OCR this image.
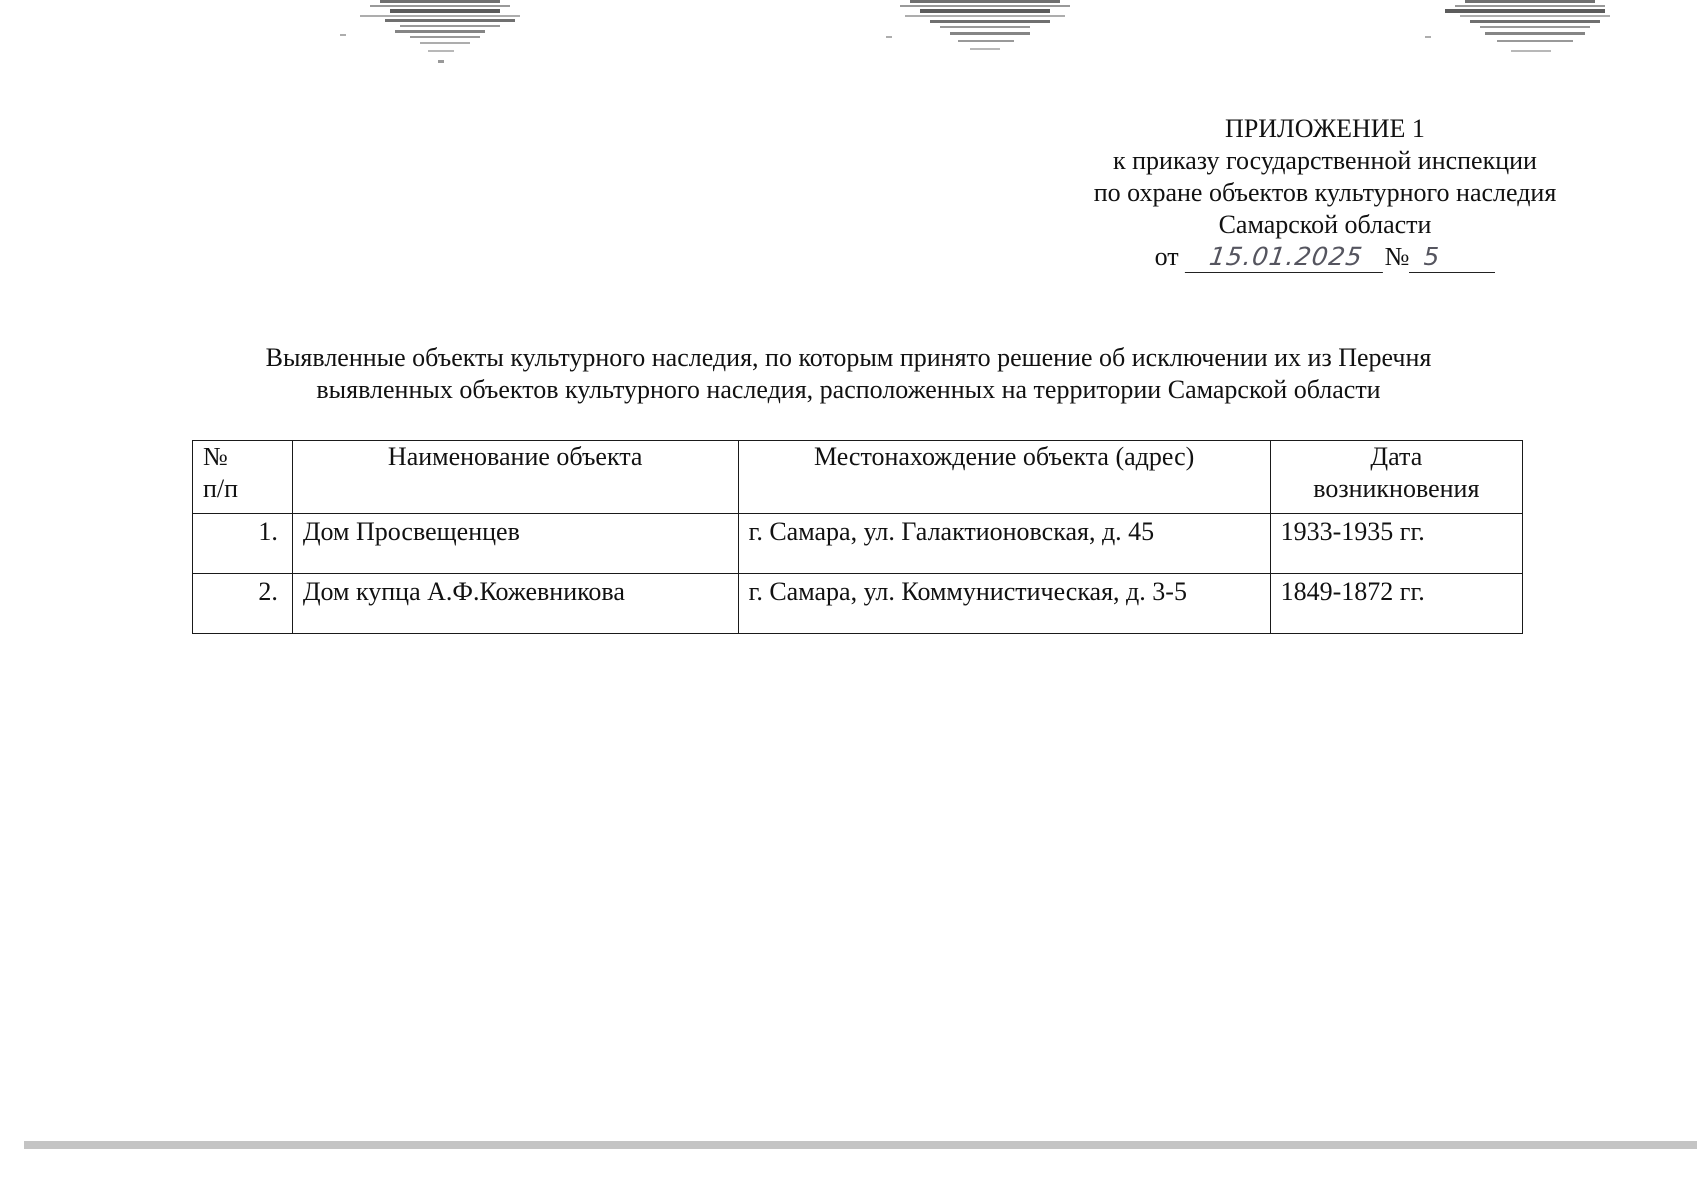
ПРИЛОЖЕНИЕ 1
к приказу государственной инспекции
по охране объектов культурного наследия
Самарской области
от	15.01.2025 № 5
Выявленные объекты культурного наследия, по которым принято решение об исключении их из Перечня
выявленных объектов культурного наследия, расположенных на территории Самарской области
№
п/п	Наименование объекта	Местонахождение объекта (адрес)	Дата
возникновения
1.	Дом Просвещенцев	г. Самара, ул. Галактионовская, д. 45	1933-1935 гг.
2.	Дом купца А.Ф.Кожевникова	г. Самара, ул. Коммунистическая, д. 3-5	1849-1872 гг.
